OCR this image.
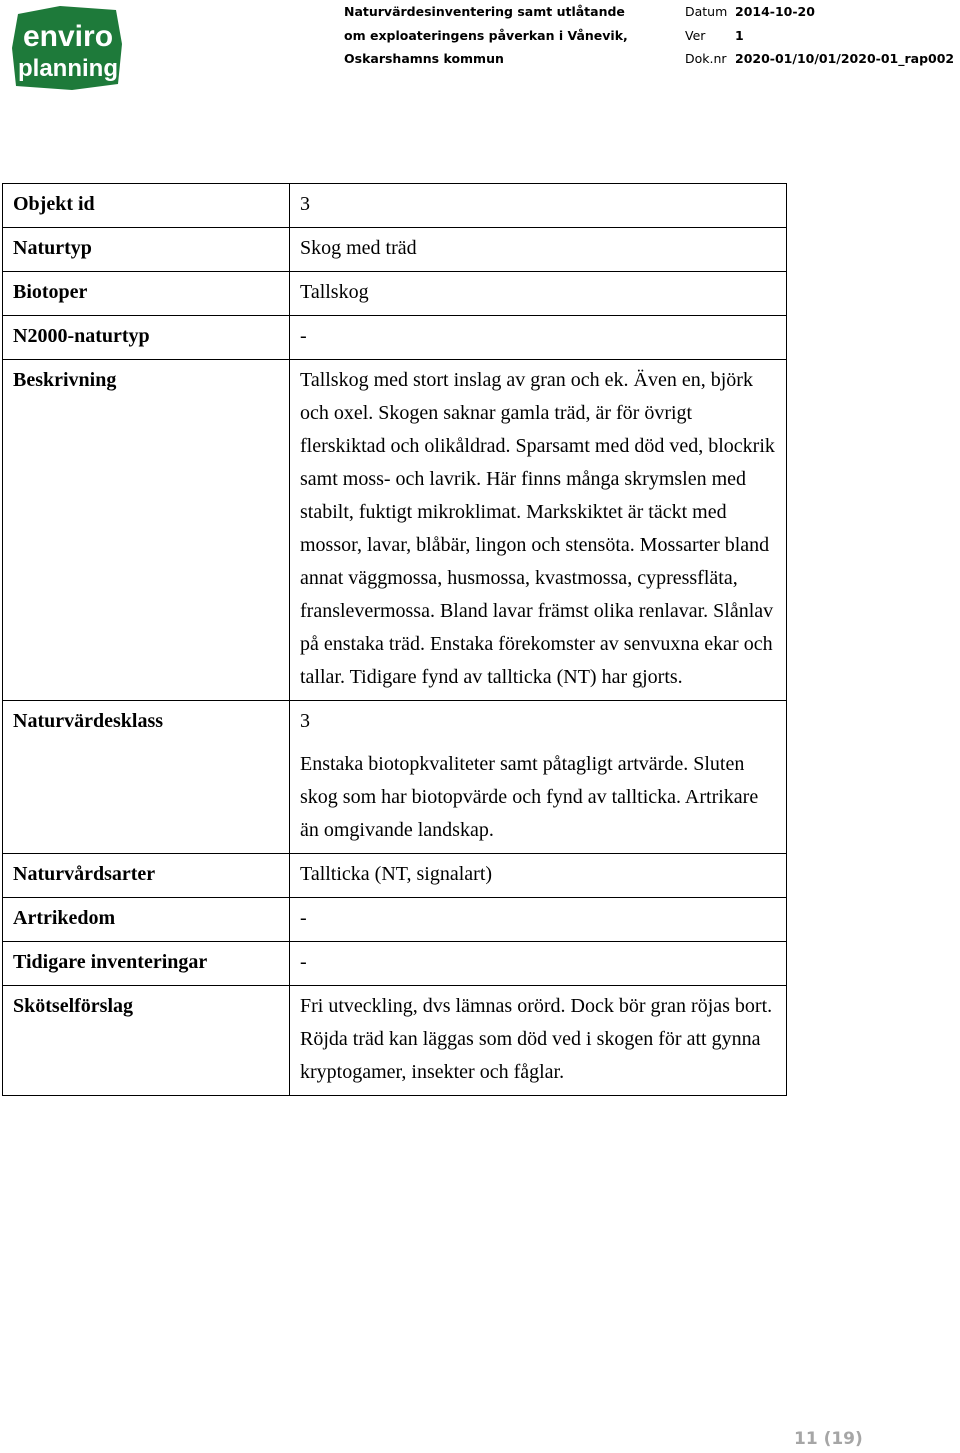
enviro
planning
Naturvärdesinventering samt utlåtande
om exploateringens påverkan i Vånevik,
Oskarshamns kommun
Datum 2014-10-20
Ver	1
Dok.nr 2020-01/10/01/2020-01_rap002
Objekt id	3
Naturtyp	Skog med träd
Biotoper	Tallskog
N2000-naturtyp	-
Beskrivning	Tallskog med stort inslag av gran och ek. Även en, björk och oxel. Skogen saknar gamla träd, är för övrigt flerskiktad och olikåldrad. Sparsamt med död ved, blockrik samt moss- och lavrik. Här finns många skrymslen med stabilt, fuktigt mikroklimat. Markskiktet är täckt med mossor, lavar, blåbär, lingon och stensöta. Mossarter bland annat väggmossa, husmossa, kvastmossa, cypressfläta, franslevermossa. Bland lavar främst olika renlavar. Slånlav på enstaka träd. Enstaka förekomster av senvuxna ekar och tallar. Tidigare fynd av tallticka (NT) har gjorts.
Naturvärdesklass	3
	Enstaka biotopkvaliteter samt påtagligt artvärde. Sluten skog som har biotopvärde och fynd av tallticka. Artrikare än omgivande landskap.
Naturvårdsarter	Tallticka (NT, signalart)
Artrikedom	-
Tidigare inventeringar	-
Skötselförslag	Fri utveckling, dvs lämnas orörd. Dock bör gran röjas bort. Röjda träd kan läggas som död ved i skogen för att gynna kryptogamer, insekter och fåglar.
11 (19)
